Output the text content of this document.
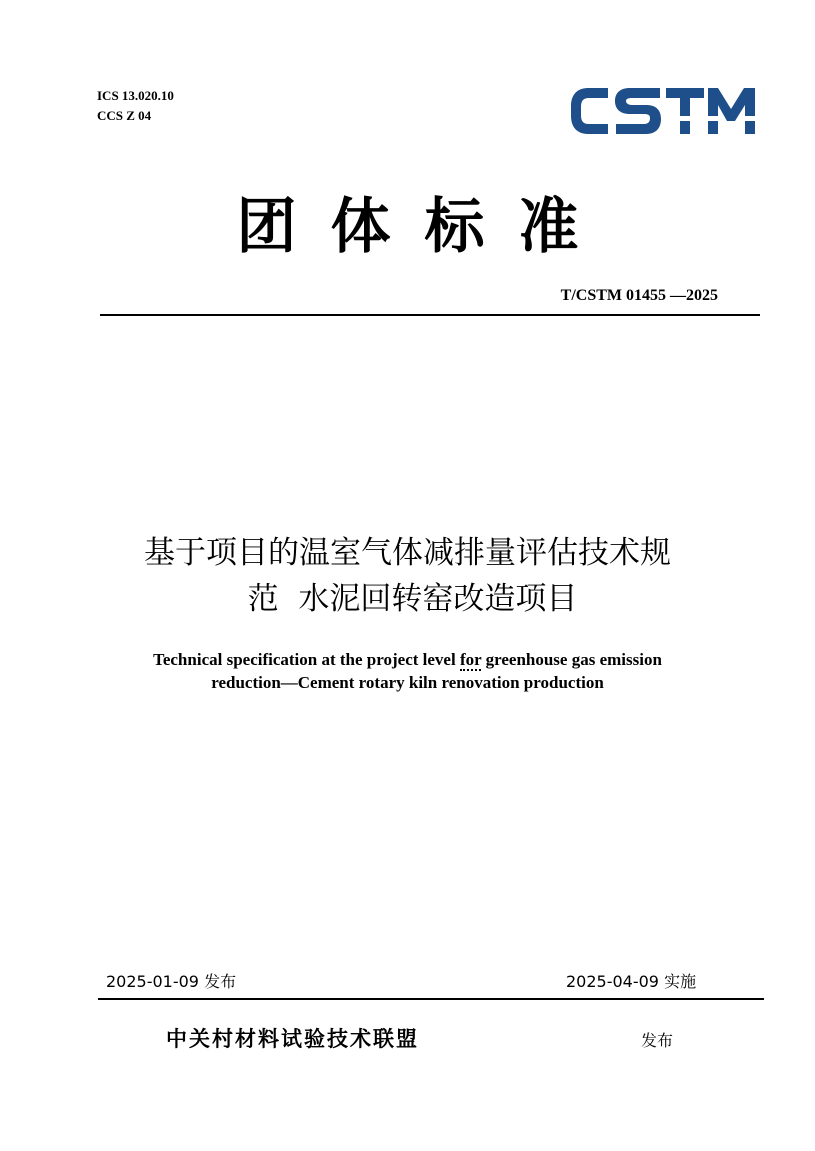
ICS 13.020.10
CCS Z 04
团体标准
T/CSTM 01455 —2025
基于项目的温室气体减排量评估技术规
范  水泥回转窑改造项目
Technical specification at the project level for greenhouse gas emission
reduction—Cement rotary kiln renovation production
2025-01-09 发布	2025-04-09 实施
中关村材料试验技术联盟	发布
